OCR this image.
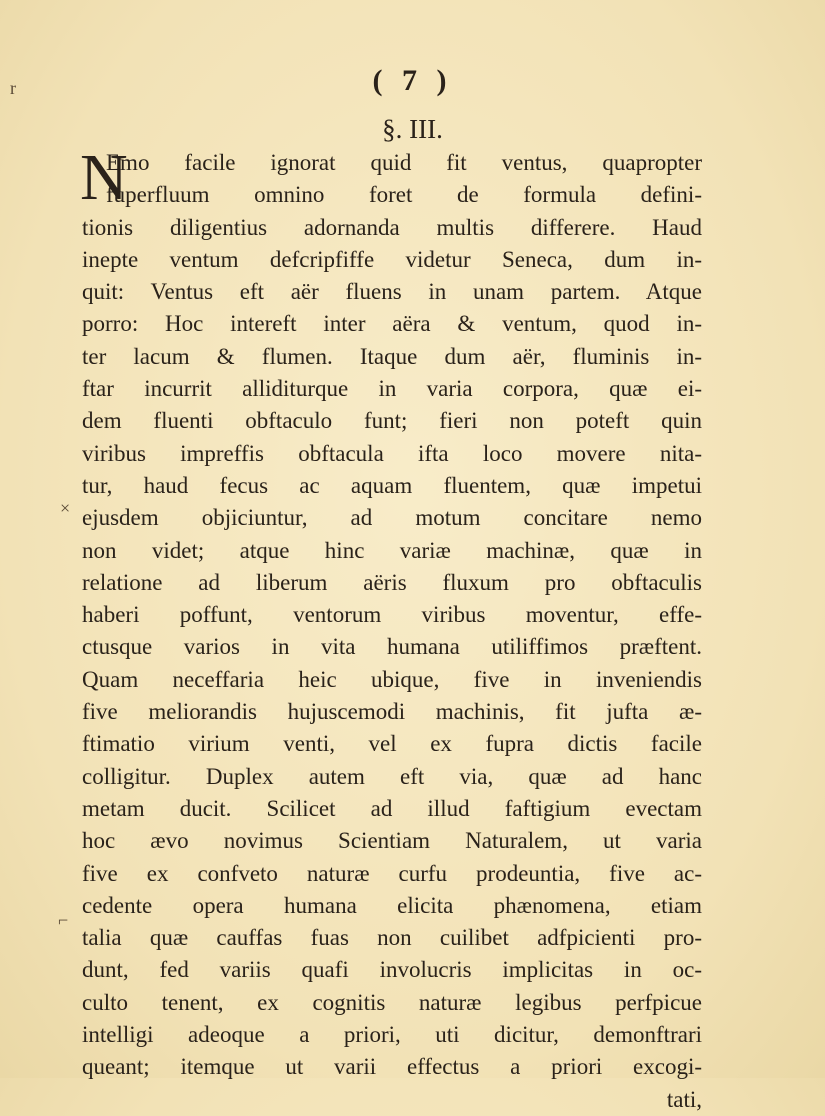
r
×
⌐
( 7 )
§. III.
N
Emo facile ignorat quid fit ventus, quapropter
fuperfluum omnino foret de formula defini-
tionis diligentius adornanda multis differere. Haud
inepte ventum defcripfiffe videtur Seneca, dum in-
quit: Ventus eft aër fluens in unam partem. Atque
porro: Hoc intereft inter aëra & ventum, quod in-
ter lacum & flumen. Itaque dum aër, fluminis in-
ftar incurrit alliditurque in varia corpora, quæ ei-
dem fluenti obftaculo funt; fieri non poteft quin
viribus impreffis obftacula ifta loco movere nita-
tur, haud fecus ac aquam fluentem, quæ impetui
ejusdem objiciuntur, ad motum concitare nemo
non videt; atque hinc variæ machinæ, quæ in
relatione ad liberum aëris fluxum pro obftaculis
haberi poffunt, ventorum viribus moventur, effe-
ctusque varios in vita humana utiliffimos præftent.
Quam neceffaria heic ubique, five in inveniendis
five meliorandis hujuscemodi machinis, fit jufta æ-
ftimatio virium venti, vel ex fupra dictis facile
colligitur. Duplex autem eft via, quæ ad hanc
metam ducit. Scilicet ad illud faftigium evectam
hoc ævo novimus Scientiam Naturalem, ut varia
five ex confveto naturæ curfu prodeuntia, five ac-
cedente opera humana elicita phænomena, etiam
talia quæ cauffas fuas non cuilibet adfpicienti pro-
dunt, fed variis quafi involucris implicitas in oc-
culto tenent, ex cognitis naturæ legibus perfpicue
intelligi adeoque a priori, uti dicitur, demonftrari
queant; itemque ut varii effectus a priori excogi-
tati,
